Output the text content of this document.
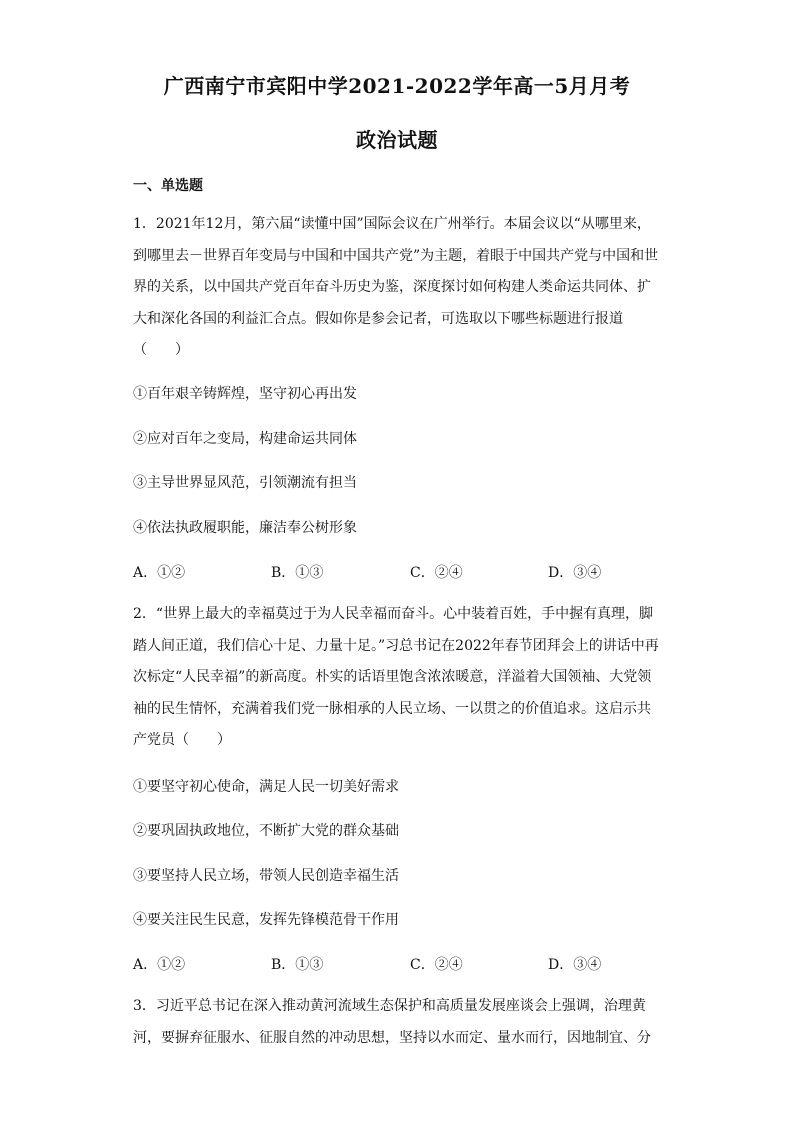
广西南宁市宾阳中学2021-2022学年高一5月月考
政治试题
一、单选题
1．2021年12月，第六届“读懂中国”国际会议在广州举行。本届会议以“从哪里来，到哪里去－世界百年变局与中国和中国共产党”为主题，着眼于中国共产党与中国和世界的关系，以中国共产党百年奋斗历史为鉴，深度探讨如何构建人类命运共同体、扩大和深化各国的利益汇合点。假如你是参会记者，可选取以下哪些标题进行报道（　　）
①百年艰辛铸辉煌，坚守初心再出发
②应对百年之变局，构建命运共同体
③主导世界显风范，引领潮流有担当
④依法执政履职能，廉洁奉公树形象
A．①②	B．①③	C．②④	D．③④
2．“世界上最大的幸福莫过于为人民幸福而奋斗。心中装着百姓，手中握有真理，脚踏人间正道，我们信心十足、力量十足。”习总书记在2022年春节团拜会上的讲话中再次标定“人民幸福”的新高度。朴实的话语里饱含浓浓暖意，洋溢着大国领袖、大党领袖的民生情怀，充满着我们党一脉相承的人民立场、一以贯之的价值追求。这启示共产党员（　　）
①要坚守初心使命，满足人民一切美好需求
②要巩固执政地位，不断扩大党的群众基础
③要坚持人民立场，带领人民创造幸福生活
④要关注民生民意，发挥先锋模范骨干作用
A．①②	B．①③	C．②④	D．③④
3．习近平总书记在深入推动黄河流域生态保护和高质量发展座谈会上强调，治理黄河，要摒弃征服水、征服自然的冲动思想，坚持以水而定、量水而行，因地制宜、分
